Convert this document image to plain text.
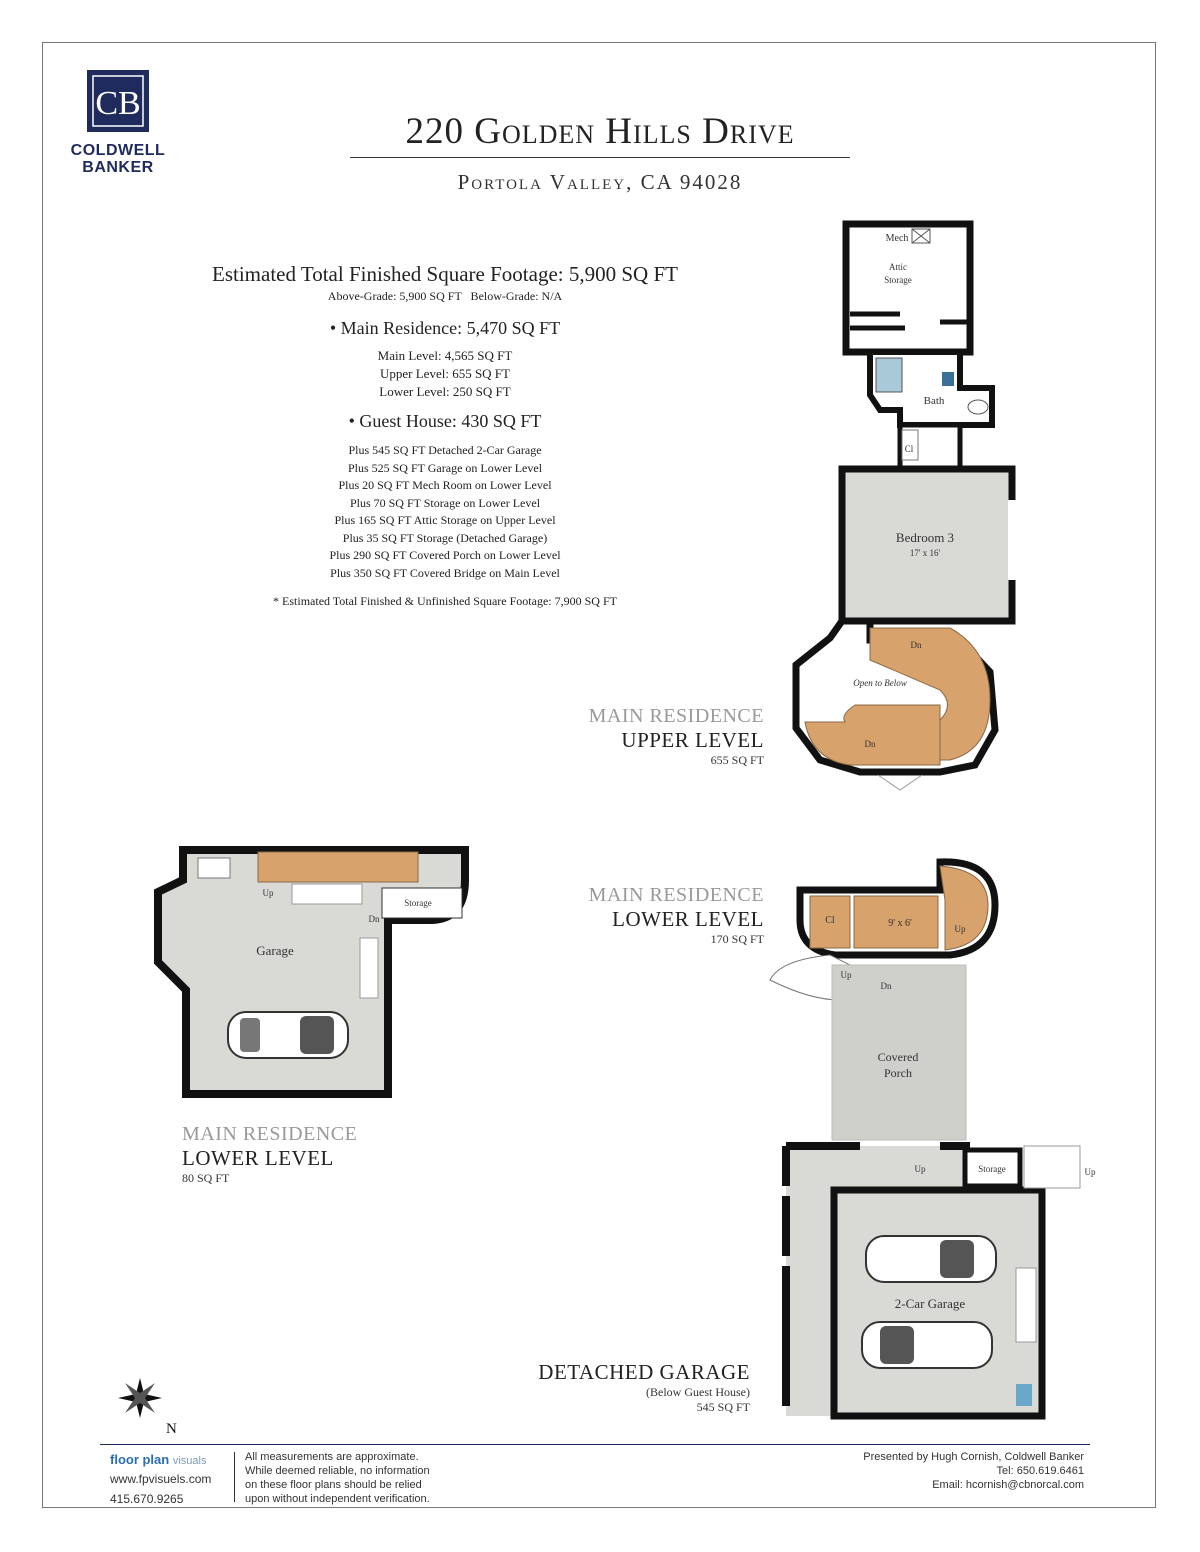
CB
COLDWELL
BANKER
220 Golden Hills Drive
Portola Valley, CA 94028
Estimated Total Finished Square Footage: 5,900 SQ FT
Above-Grade: 5,900 SQ FT   Below-Grade: N/A
• Main Residence: 5,470 SQ FT
Main Level: 4,565 SQ FT
Upper Level: 655 SQ FT
Lower Level: 250 SQ FT
• Guest House: 430 SQ FT
Plus 545 SQ FT Detached 2-Car Garage
Plus 525 SQ FT Garage on Lower Level
Plus 20 SQ FT Mech Room on Lower Level
Plus 70 SQ FT Storage on Lower Level
Plus 165 SQ FT Attic Storage on Upper Level
Plus 35 SQ FT Storage (Detached Garage)
Plus 290 SQ FT Covered Porch on Lower Level
Plus 350 SQ FT Covered Bridge on Main Level
* Estimated Total Finished & Unfinished Square Footage: 7,900 SQ FT
Mech
Attic
Storage
Bath
Cl
Bedroom 3
17' x 16'
Open to Below
Dn
Dn
Garage
Storage
Up
Dn	Cl	9' x 6'	Up
Up
Dn
Covered
Porch
2-Car Garage
Storage
Up	Up
N
MAIN RESIDENCE
UPPER LEVEL
655 SQ FT
MAIN RESIDENCE
LOWER LEVEL
170 SQ FT
MAIN RESIDENCE
LOWER LEVEL
80 SQ FT
DETACHED GARAGE
(Below Guest House)
545 SQ FT
floor plan visuals
www.fpvisuels.com
415.670.9265
All measurements are approximate.
While deemed reliable, no information
on these floor plans should be relied
upon without independent verification.
Presented by Hugh Cornish, Coldwell Banker
Tel: 650.619.6461
Email: hcornish@cbnorcal.com
